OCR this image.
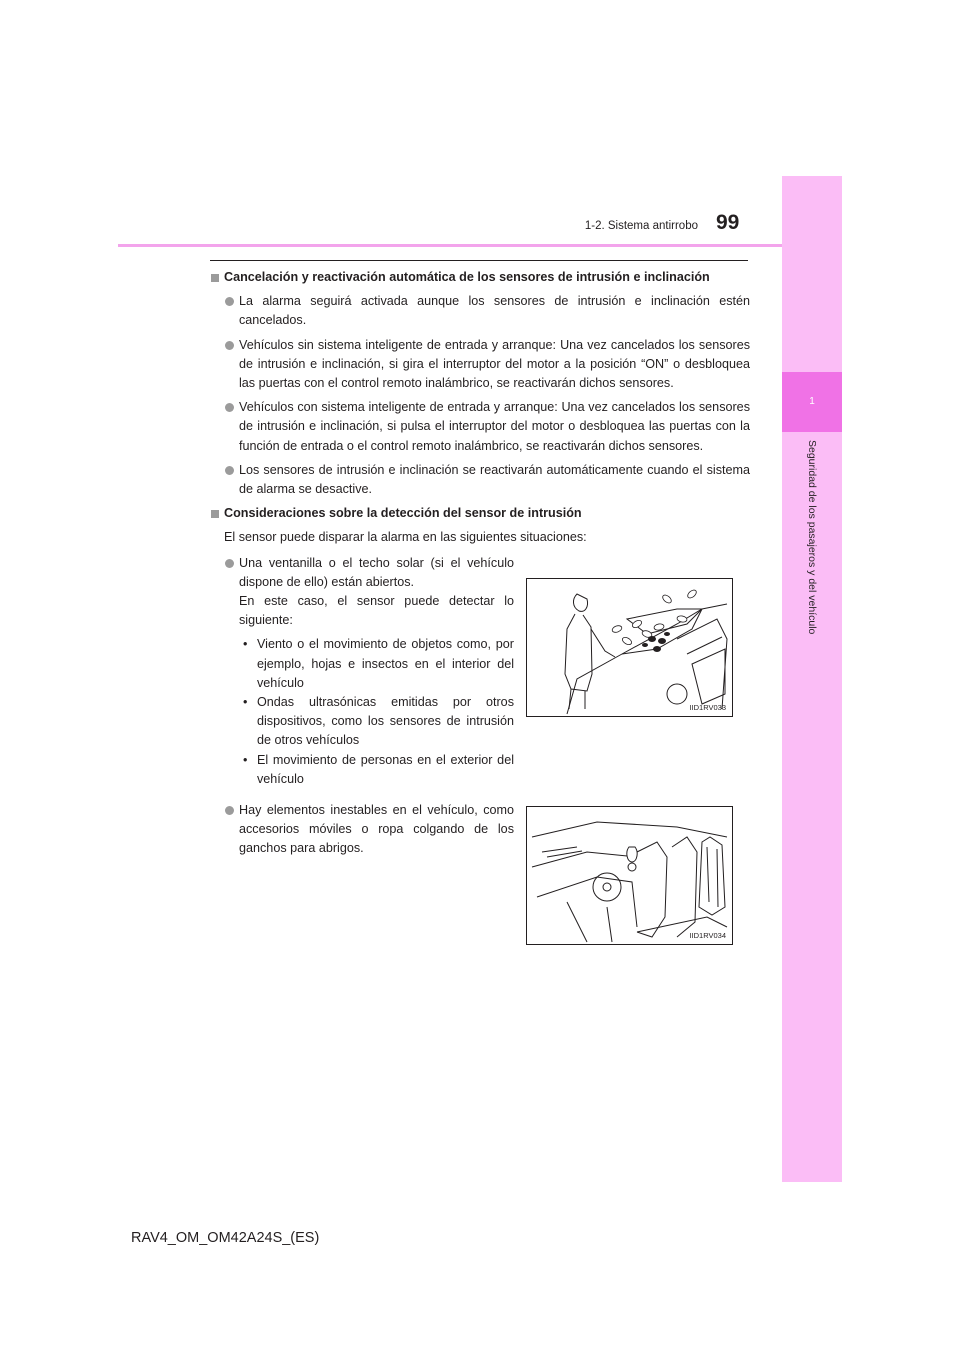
1
Seguridad de los pasajeros y del vehículo
1-2. Sistema antirrobo 99

Cancelación y reactivación automática de los sensores de intrusión e inclinación

La alarma seguirá activada aunque los sensores de intrusión e inclinación estén cancelados.

Vehículos sin sistema inteligente de entrada y arranque: Una vez cancelados los sensores de intrusión e inclinación, si gira el interruptor del motor a la posición “ON” o desbloquea las puertas con el control remoto inalámbrico, se reactivarán dichos sensores.

Vehículos con sistema inteligente de entrada y arranque: Una vez cancelados los sensores de intrusión e inclinación, si pulsa el interruptor del motor o desbloquea las puertas con la función de entrada o el control remoto inalámbrico, se reactivarán dichos sensores.

Los sensores de intrusión e inclinación se reactivarán automáticamente cuando el sistema de alarma se desactive.

Consideraciones sobre la detección del sensor de intrusión

El sensor puede disparar la alarma en las siguientes situaciones:

Una ventanilla o el techo solar (si el vehículo dispone de ello) están abiertos.

En este caso, el sensor puede detectar lo siguiente:

• Viento o el movimiento de objetos como, por ejemplo, hojas e insectos en el interior del vehículo

• Ondas ultrasónicas emitidas por otros dispositivos, como los sensores de intrusión de otros vehículos

• El movimiento de personas en el exterior del vehículo

Hay elementos inestables en el vehículo, como accesorios móviles o ropa colgando de los ganchos para abrigos.

IID1RV033
IID1RV034
RAV4_OM_OM42A24S_(ES)
